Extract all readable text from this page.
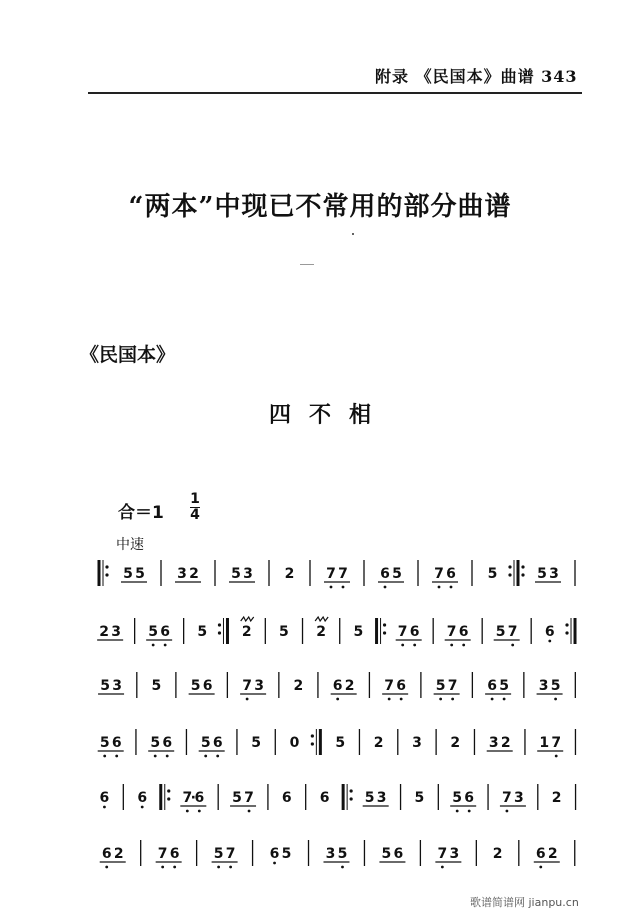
附录 《民国本》曲谱 343
“两本”中现已不常用的部分曲谱
《民国本》
四不相
合＝1
1
4
中速
5 5 3 2 5 3 2 7 7 6 5 7 6 5	5 3
2 3 5 6 5 2 5 2 5 7 6 7 6 5 7 6
5 3 5 5 6 7 3 2 6 2 7 6 5 7 6 5 3 5
5 6 5 6 5 6 5 0	5 2 3 2 3 2 1 7
6 6	7 6
·	5 7 6 6	5 3 5 5 6 7 3 2
6 2 7 6 5 7 6 5 3 5 5 6 7 3 2 6 2
歌谱简谱网 jianpu.cn
